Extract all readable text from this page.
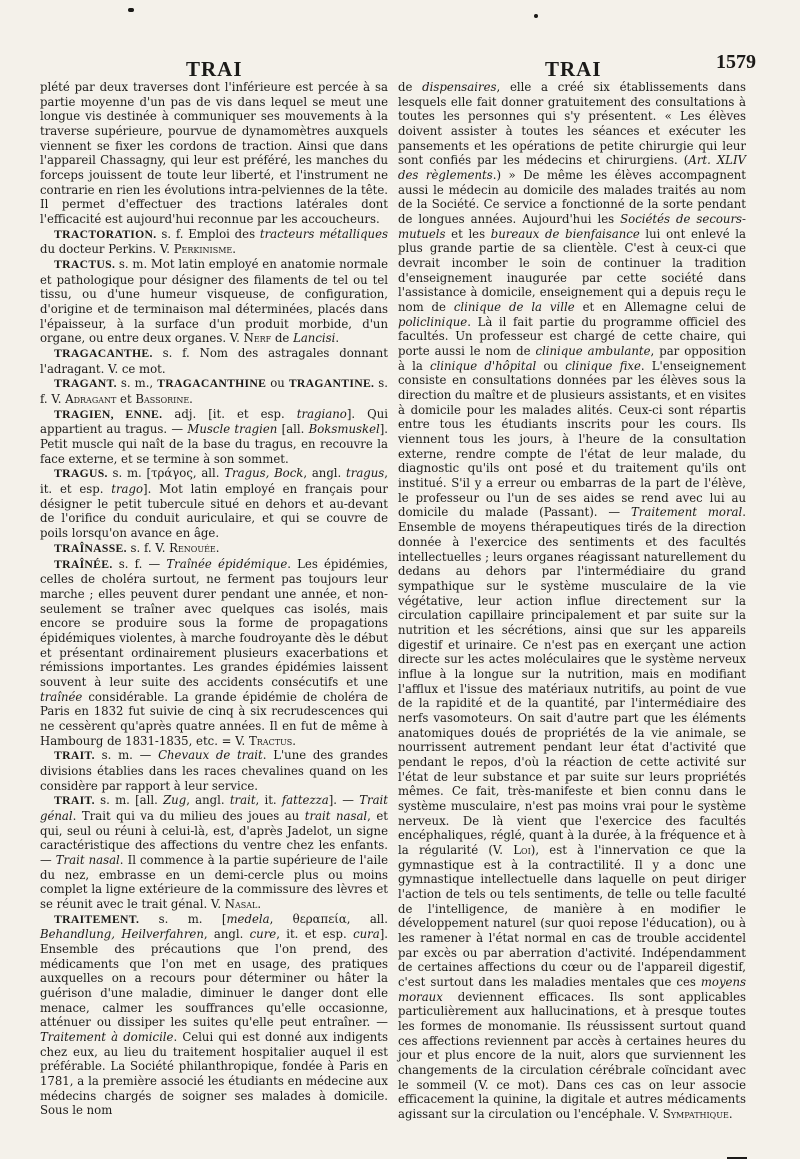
TRAI	TRAI	1579

plété par deux traverses dont l'inférieure est percée à sa partie moyenne d'un pas de vis dans lequel se meut une longue vis destinée à communiquer ses mouvements à la traverse supérieure, pourvue de dynamomètres auxquels viennent se fixer les cordons de traction. Ainsi que dans l'appareil Chassagny, qui leur est préféré, les manches du forceps jouissent de toute leur liberté, et l'instrument ne contrarie en rien les évolutions intra-pelviennes de la tête. Il permet d'effectuer des tractions latérales dont l'efficacité est aujourd'hui reconnue par les accoucheurs.

TRACTORATION. s. f. Emploi des tracteurs métalliques du docteur Perkins. V. Perkinisme.

TRACTUS. s. m. Mot latin employé en anatomie normale et pathologique pour désigner des filaments de tel ou tel tissu, ou d'une humeur visqueuse, de configuration, d'origine et de terminaison mal déterminées, placés dans l'épaisseur, à la surface d'un produit morbide, d'un organe, ou entre deux organes. V. Nerf de Lancisi.

TRAGACANTHE. s. f. Nom des astragales donnant l'adragant. V. ce mot.

TRAGANT. s. m., TRAGACANTHINE ou TRAGANTINE. s. f. V. Adragant et Bassorine.

TRAGIEN, ENNE. adj. [it. et esp. tragiano]. Qui appartient au tragus. — Muscle tragien [all. Boksmuskel]. Petit muscle qui naît de la base du tragus, en recouvre la face externe, et se termine à son sommet.

TRAGUS. s. m. [τράγος, all. Tragus, Bock, angl. tragus, it. et esp. trago]. Mot latin employé en français pour désigner le petit tubercule situé en dehors et au-devant de l'orifice du conduit auriculaire, et qui se couvre de poils lorsqu'on avance en âge.

TRAÎNASSE. s. f. V. Renouée.

TRAÎNÉE. s. f. — Traînée épidémique. Les épidémies, celles de choléra surtout, ne ferment pas toujours leur marche ; elles peuvent durer pendant une année, et non-seulement se traîner avec quelques cas isolés, mais encore se produire sous la forme de propagations épidémiques violentes, à marche foudroyante dès le début et présentant ordinairement plusieurs exacerbations et rémissions importantes. Les grandes épidémies laissent souvent à leur suite des accidents consécutifs et une traînée considérable. La grande épidémie de choléra de Paris en 1832 fut suivie de cinq à six recrudescences qui ne cessèrent qu'après quatre années. Il en fut de même à Hambourg de 1831-1835, etc. = V. Tractus.

TRAIT. s. m. — Chevaux de trait. L'une des grandes divisions établies dans les races chevalines quand on les considère par rapport à leur service.

TRAIT. s. m. [all. Zug, angl. trait, it. fattezza]. — Trait génal. Trait qui va du milieu des joues au trait nasal, et qui, seul ou réuni à celui-là, est, d'après Jadelot, un signe caractéristique des affections du ventre chez les enfants. — Trait nasal. Il commence à la partie supérieure de l'aile du nez, embrasse en un demi-cercle plus ou moins complet la ligne extérieure de la commissure des lèvres et se réunit avec le trait génal. V. Nasal.

TRAITEMENT. s. m. [medela, θεραπεία, all. Behandlung, Heilverfahren, angl. cure, it. et esp. cura]. Ensemble des précautions que l'on prend, des médicaments que l'on met en usage, des pratiques auxquelles on a recours pour déterminer ou hâter la guérison d'une maladie, diminuer le danger dont elle menace, calmer les souffrances qu'elle occasionne, atténuer ou dissiper les suites qu'elle peut entraîner. — Traitement à domicile. Celui qui est donné aux indigents chez eux, au lieu du traitement hospitalier auquel il est préférable. La Société philanthropique, fondée à Paris en 1781, a la première associé les étudiants en médecine aux médecins chargés de soigner ses malades à domicile. Sous le nom

de dispensaires, elle a créé six établissements dans lesquels elle fait donner gratuitement des consultations à toutes les personnes qui s'y présentent. « Les élèves doivent assister à toutes les séances et exécuter les pansements et les opérations de petite chirurgie qui leur sont confiés par les médecins et chirurgiens. (Art. XLIV des règlements.) » De même les élèves accompagnent aussi le médecin au domicile des malades traités au nom de la Société. Ce service a fonctionné de la sorte pendant de longues années. Aujourd'hui les Sociétés de secours-mutuels et les bureaux de bienfaisance lui ont enlevé la plus grande partie de sa clientèle. C'est à ceux-ci que devrait incomber le soin de continuer la tradition d'enseignement inaugurée par cette société dans l'assistance à domicile, enseignement qui a depuis reçu le nom de clinique de la ville et en Allemagne celui de policlinique. Là il fait partie du programme officiel des facultés. Un professeur est chargé de cette chaire, qui porte aussi le nom de clinique ambulante, par opposition à la clinique d'hôpital ou clinique fixe. L'enseignement consiste en consultations données par les élèves sous la direction du maître et de plusieurs assistants, et en visites à domicile pour les malades alités. Ceux-ci sont répartis entre tous les étudiants inscrits pour les cours. Ils viennent tous les jours, à l'heure de la consultation externe, rendre compte de l'état de leur malade, du diagnostic qu'ils ont posé et du traitement qu'ils ont institué. S'il y a erreur ou embarras de la part de l'élève, le professeur ou l'un de ses aides se rend avec lui au domicile du malade (Passant). — Traitement moral. Ensemble de moyens thérapeutiques tirés de la direction donnée à l'exercice des sentiments et des facultés intellectuelles ; leurs organes réagissant naturellement du dedans au dehors par l'intermédiaire du grand sympathique sur le système musculaire de la vie végétative, leur action influe directement sur la circulation capillaire principalement et par suite sur la nutrition et les sécrétions, ainsi que sur les appareils digestif et urinaire. Ce n'est pas en exerçant une action directe sur les actes moléculaires que le système nerveux influe à la longue sur la nutrition, mais en modifiant l'afflux et l'issue des matériaux nutritifs, au point de vue de la rapidité et de la quantité, par l'intermédiaire des nerfs vasomoteurs. On sait d'autre part que les éléments anatomiques doués de propriétés de la vie animale, se nourrissent autrement pendant leur état d'activité que pendant le repos, d'où la réaction de cette activité sur l'état de leur substance et par suite sur leurs propriétés mêmes. Ce fait, très-manifeste et bien connu dans le système musculaire, n'est pas moins vrai pour le système nerveux. De là vient que l'exercice des facultés encéphaliques, réglé, quant à la durée, à la fréquence et à la régularité (V. Loi), est à l'innervation ce que la gymnastique est à la contractilité. Il y a donc une gymnastique intellectuelle dans laquelle on peut diriger l'action de tels ou tels sentiments, de telle ou telle faculté de l'intelligence, de manière à en modifier le développement naturel (sur quoi repose l'éducation), ou à les ramener à l'état normal en cas de trouble accidentel par excès ou par aberration d'activité. Indépendamment de certaines affections du cœur ou de l'appareil digestif, c'est surtout dans les maladies mentales que ces moyens moraux deviennent efficaces. Ils sont applicables particulièrement aux hallucinations, et à presque toutes les formes de monomanie. Ils réussissent surtout quand ces affections reviennent par accès à certaines heures du jour et plus encore de la nuit, alors que surviennent les changements de la circulation cérébrale coïncidant avec le sommeil (V. ce mot). Dans ces cas on leur associe efficacement la quinine, la digitale et autres médicaments agissant sur la circulation ou l'encéphale. V. Sympathique.
